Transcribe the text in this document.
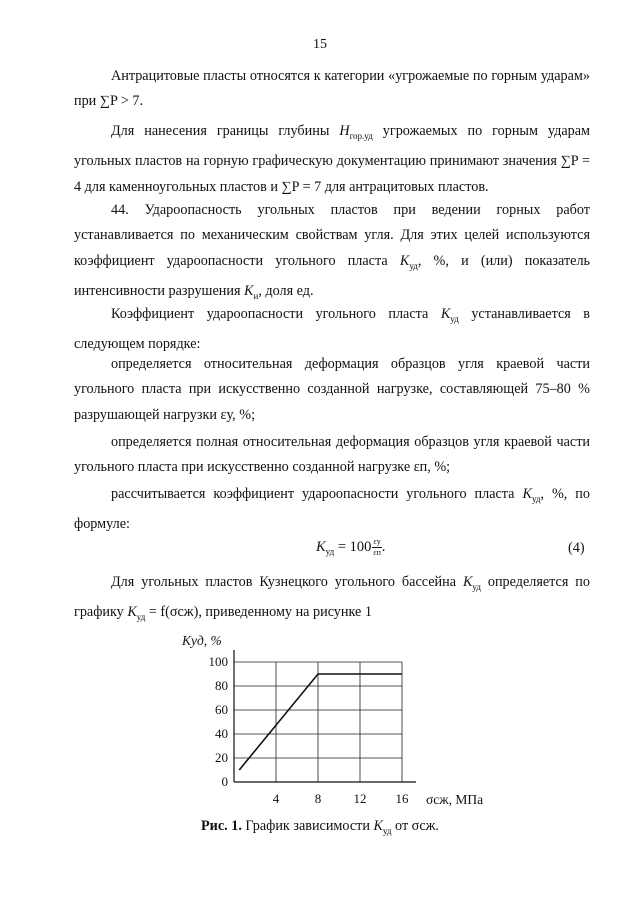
15

Антрацитовые пласты относятся к категории «угрожаемые по горным ударам» при ∑P > 7.

Для нанесения границы глубины $H_{гор.уд}$ угрожаемых по горным ударам угольных пластов на горную графическую документацию принимают значения ∑P = 4 для каменноугольных пластов и ∑P = 7 для антрацитовых пластов.

44. Удароопасность угольных пластов при ведении горных работ устанавливается по механическим свойствам угля. Для этих целей используются коэффициент удароопасности угольного пласта $K_{уд}$, %, и (или) показатель интенсивности разрушения $K_и$, доля ед.

Коэффициент удароопасности угольного пласта $K_{уд}$ устанавливается в следующем порядке:

определяется относительная деформация образцов угля краевой части угольного пласта при искусственно созданной нагрузке, составляющей 75–80 % разрушающей нагрузки εу, %;

определяется полная относительная деформация образцов угля краевой части угольного пласта при искусственно созданной нагрузке εп, %;

рассчитывается коэффициент удароопасности угольного пласта $K_{уд}$, %, по формуле:

$K_{уд} = 100 \frac{\varepsilon у}{\varepsilon п}$ .	(4)

Для угольных пластов Кузнецкого угольного бассейна $K_{уд}$ определяется по графику $K_{уд} = f(\sigma сж)$, приведенному на рисунке 1

0
20
40
60
80
100
4	8 12 16
Kуд, %
σсж, МПа
Рис. 1. График зависимости $K_{уд}$ от σсж.
